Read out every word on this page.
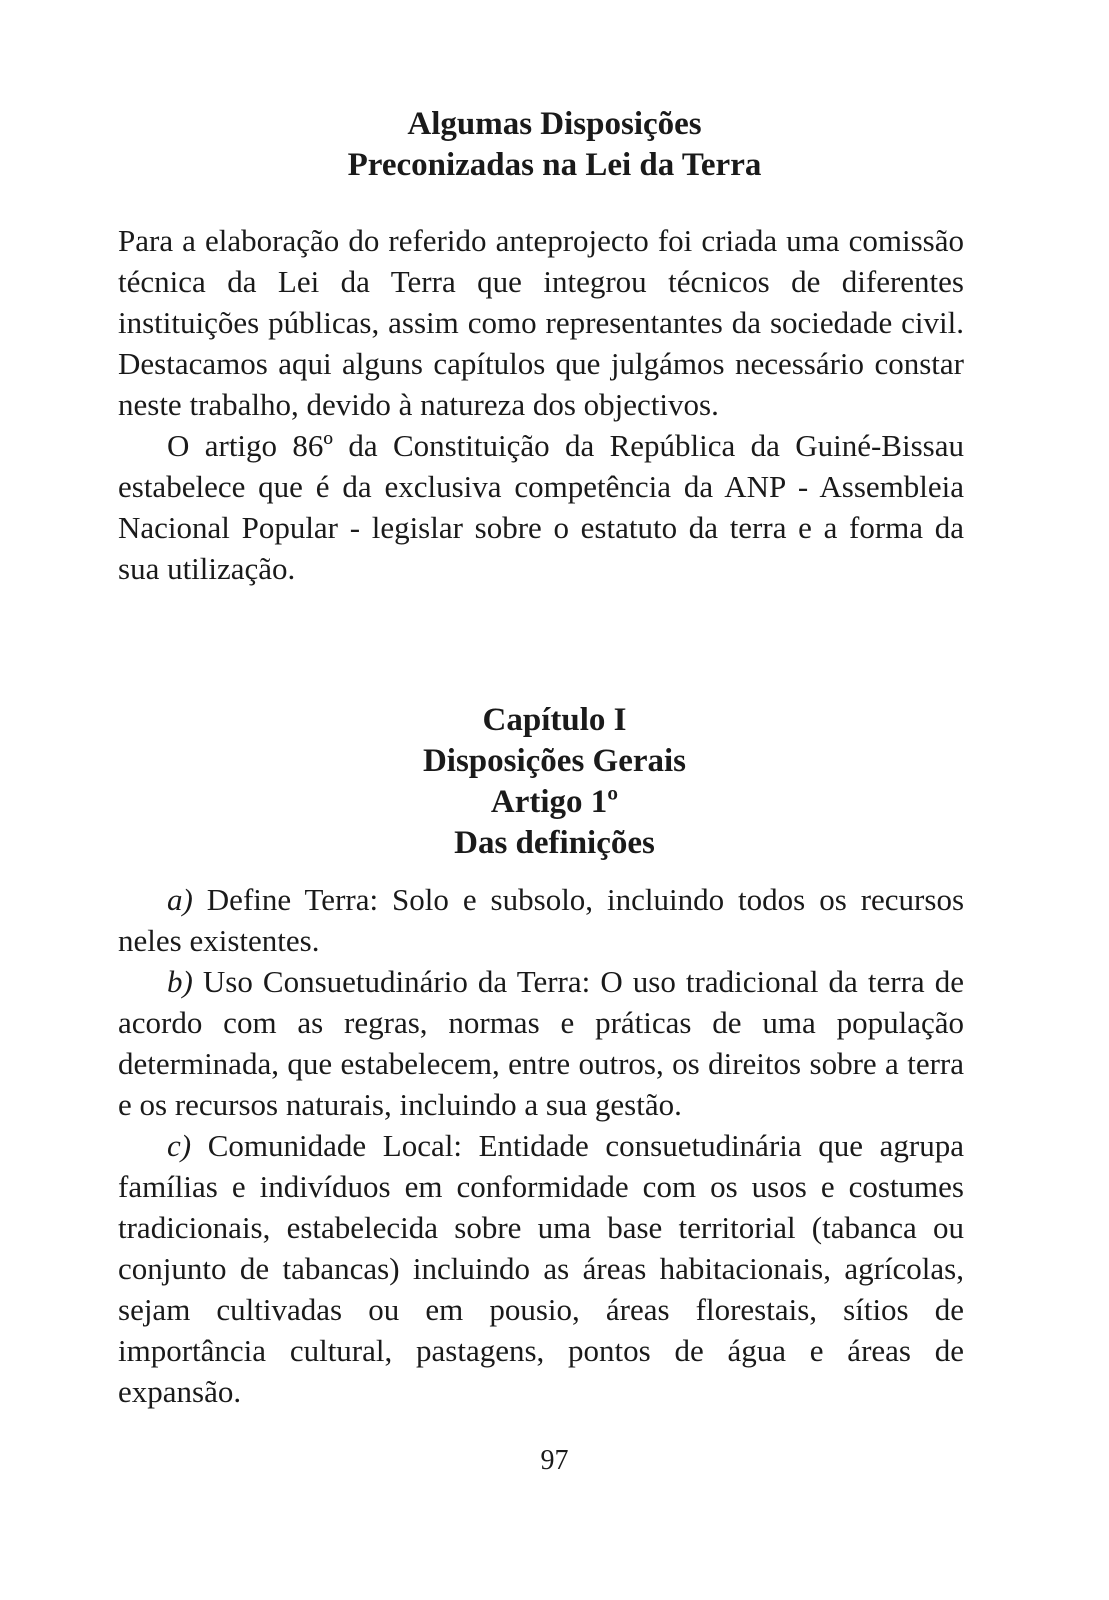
Algumas Disposições
Preconizadas na Lei da Terra

Para a elaboração do referido anteprojecto foi criada uma comissão técnica da Lei da Terra que integrou técnicos de diferentes instituições públicas, assim como representantes da sociedade civil. Destacamos aqui alguns capítulos que julgámos necessário constar neste trabalho, devido à natureza dos objectivos.

O artigo 86º da Constituição da República da Guiné-Bissau estabelece que é da exclusiva competência da ANP - Assembleia Nacional Popular - legislar sobre o estatuto da terra e a forma da sua utilização.

Capítulo I
Disposições Gerais
Artigo 1º
Das definições

a) Define Terra: Solo e subsolo, incluindo todos os recursos neles existentes.

b) Uso Consuetudinário da Terra: O uso tradicional da terra de acordo com as regras, normas e práticas de uma população determinada, que estabelecem, entre outros, os direitos sobre a terra e os recursos naturais, incluindo a sua gestão.

c) Comunidade Local: Entidade consuetudinária que agrupa famílias e indivíduos em conformidade com os usos e costumes tradicionais, estabelecida sobre uma base territorial (tabanca ou conjunto de tabancas) incluindo as áreas habitacionais, agrícolas, sejam cultivadas ou em pousio, áreas florestais, sítios de importância cultural, pastagens, pontos de água e áreas de expansão.

97
